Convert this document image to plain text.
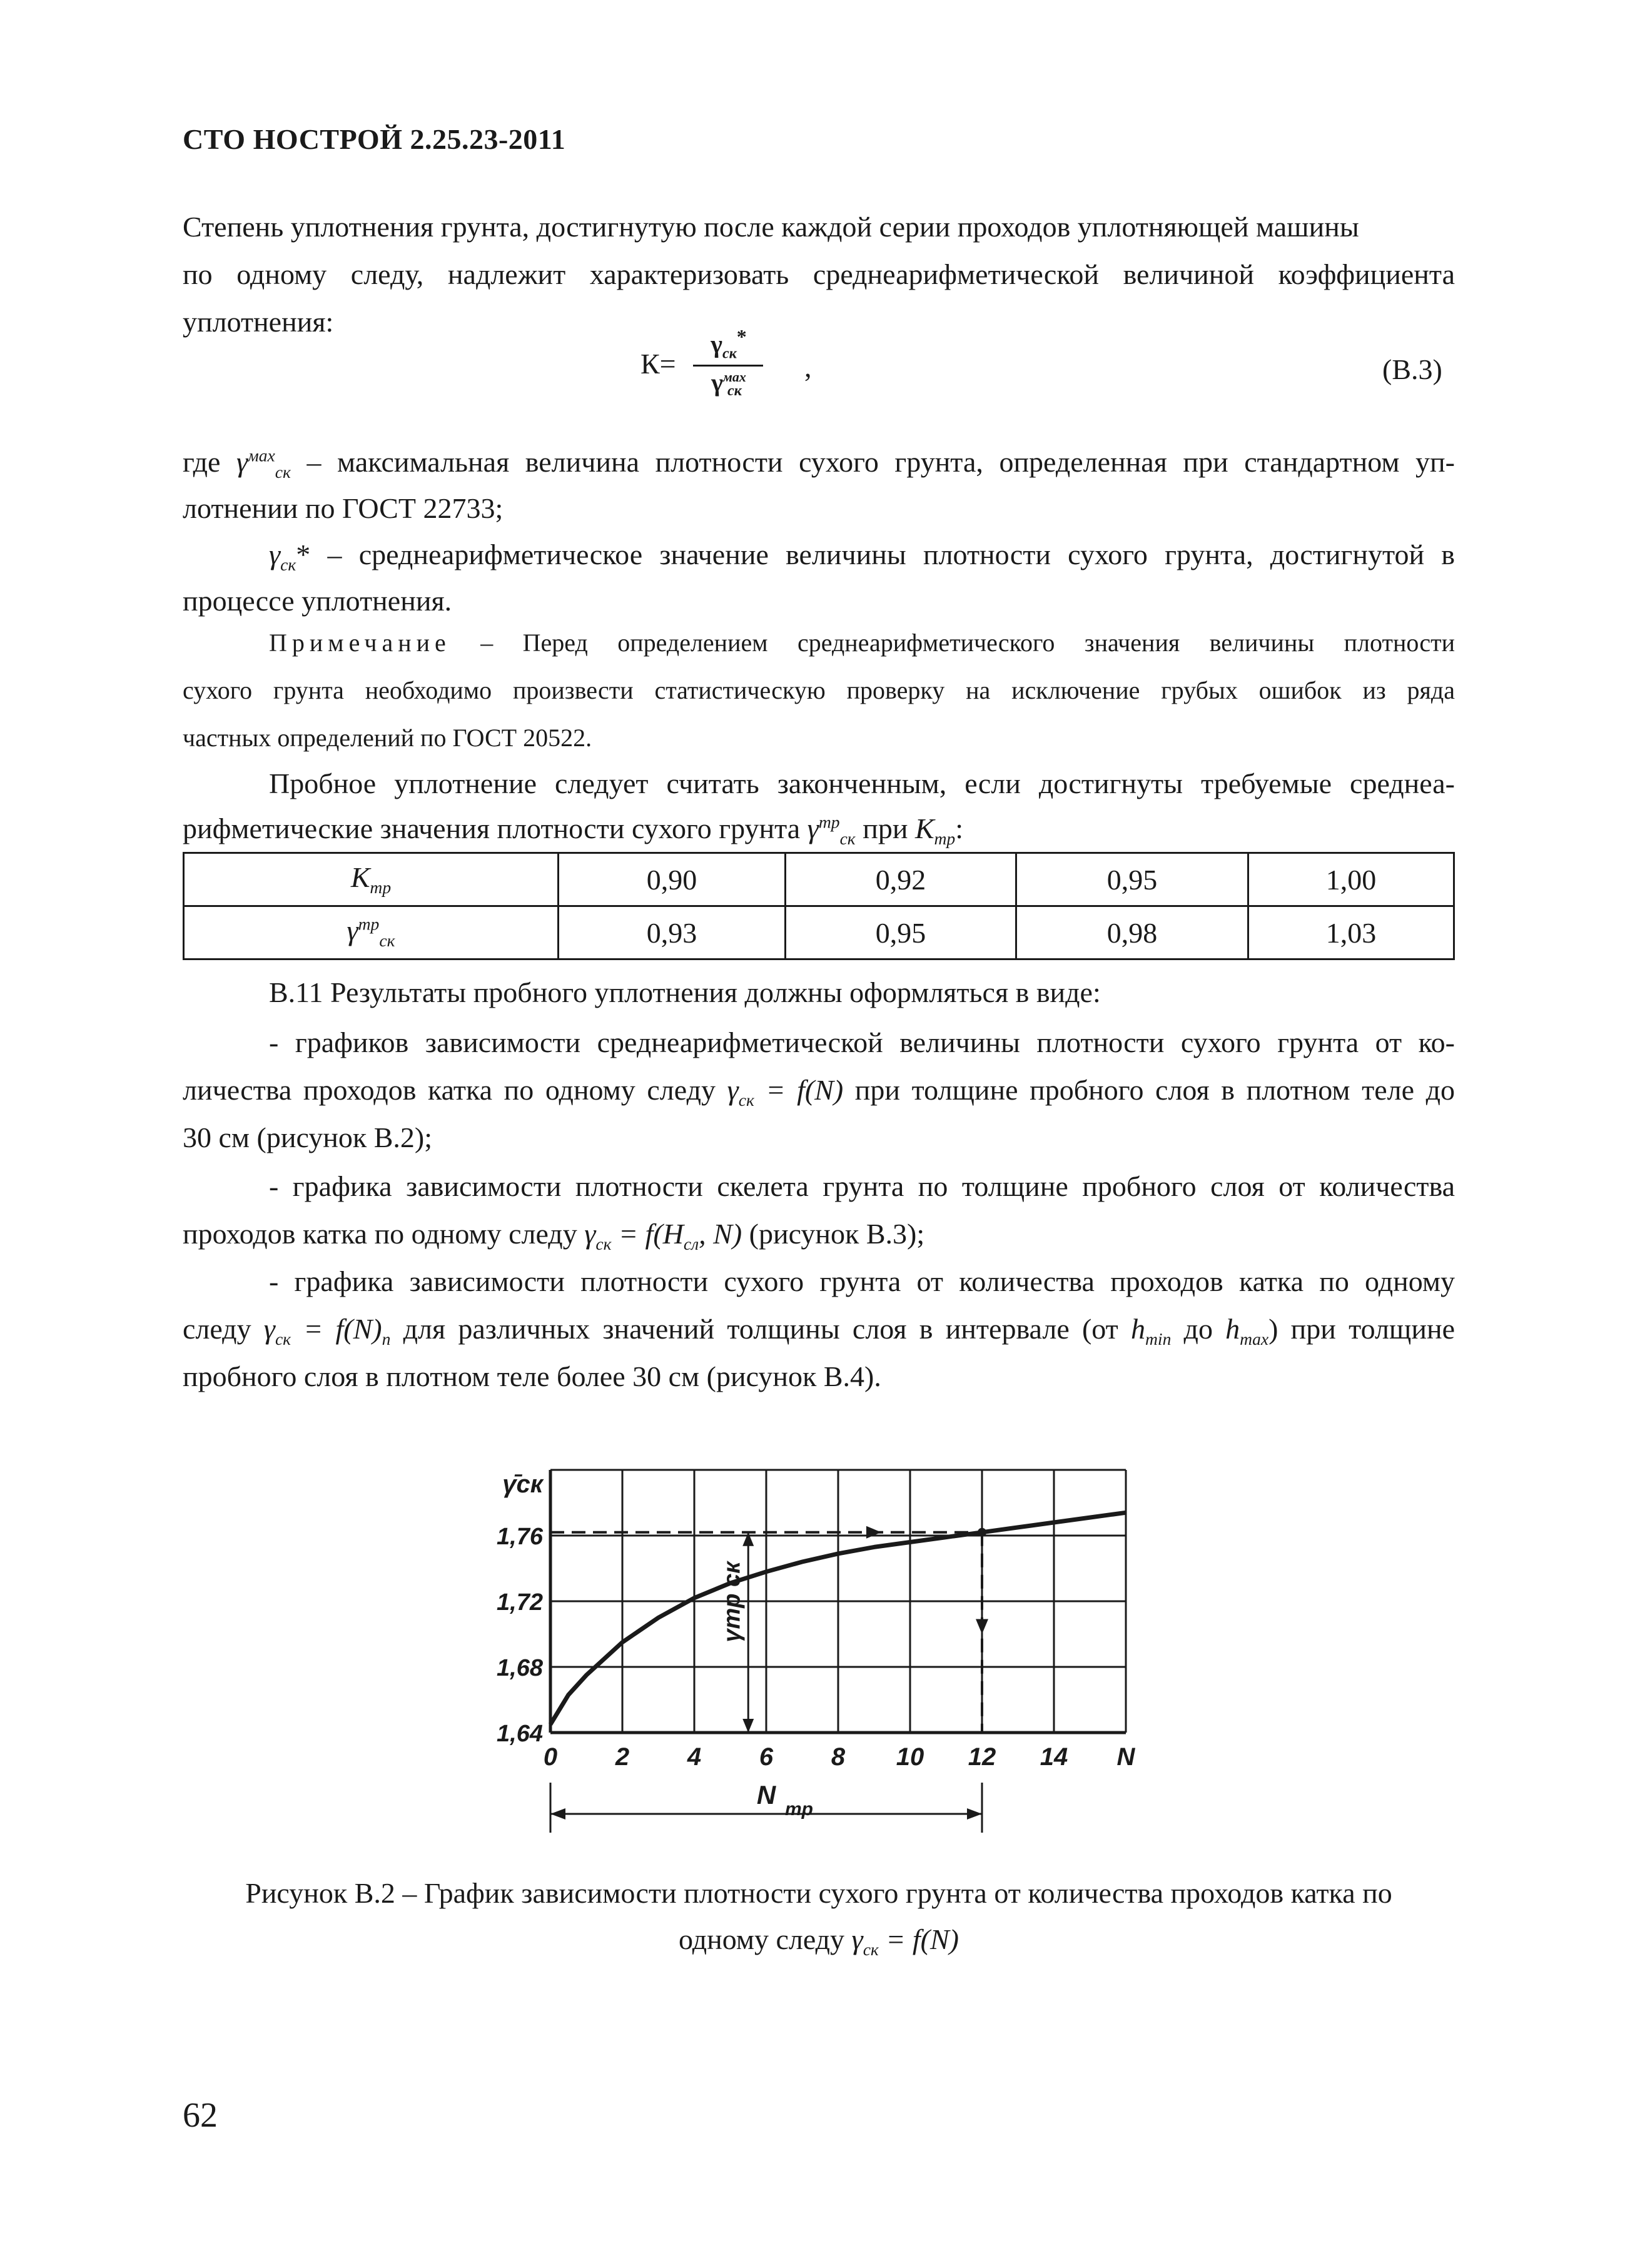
СТО НОСТРОЙ 2.25.23-2011
Степень уплотнения грунта, достигнутую после каждой серии проходов уплотняющей машины
по одному следу, надлежит характеризовать среднеарифметической величиной коэффициента
уплотнения:
К=
$\gamma_{ск}^*$
γ мах
ск
,	(В.3)
где $\gamma^{мах}_{ск}$ – максимальная величина плотности сухого грунта, определенная при стандартном уп-
лотнении по ГОСТ 22733;
$\gamma_{ск}*$ – среднеарифметическое значение величины плотности сухого грунта, достигнутой в
процессе уплотнения.
Примечание – Перед определением среднеарифметического значения величины плотности
сухого грунта необходимо произвести статистическую проверку на исключение грубых ошибок из ряда
частных определений по ГОСТ 20522.
Пробное уплотнение следует считать законченным, если достигнуты требуемые среднеа-
рифметические значения плотности сухого грунта $\gamma^{тр}_{ск}$ при $К_{тр}$:
$К_{тр}$	0,90	0,92	0,95	1,00
$\gamma^{тр}_{ск}$	0,93	0,95	0,98	1,03
В.11 Результаты пробного уплотнения должны оформляться в виде:
- графиков зависимости среднеарифметической величины плотности сухого грунта от ко-
личества проходов катка по одному следу $\gamma_{ск} = f(N)$ при толщине пробного слоя в плотном теле до
30 см (рисунок В.2);
- графика зависимости плотности скелета грунта по толщине пробного слоя от количества
проходов катка по одному следу $\gamma_{ск} = f(H_{сл}$, N) (рисунок В.3);
- графика зависимости плотности сухого грунта от количества проходов катка по одному
следу $\gamma_{ск} = f(N)_n$ для различных значений толщины слоя в интервале (от $h_{min}$ до $h_{max}$) при толщине
пробного слоя в плотном теле более 30 см (рисунок В.4).
1,64
1,68
1,72
1,76
γ̄ск
0 2 4 6 8 10 12 14 N
γтр ск
N тр
Рисунок В.2 – График зависимости плотности сухого грунта от количества проходов катка по
одному следу $\gamma_{ск} = f(N)$
62
